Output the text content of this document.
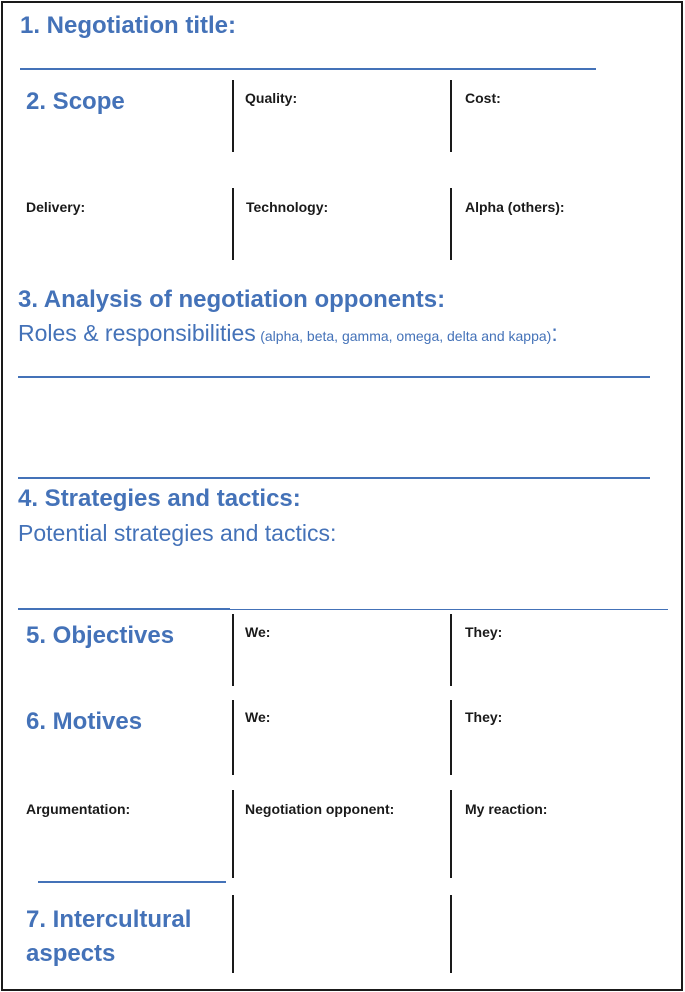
1. Negotiation title:
2. Scope	Quality:	Cost:
Delivery:	Technology:	Alpha (others):
3. Analysis of negotiation opponents:
Roles & responsibilities (alpha, beta, gamma, omega, delta and kappa):
4. Strategies and tactics:
Potential strategies and tactics:
5. Objectives	We:	They:
6. Motives	We:	They:
Argumentation:	Negotiation opponent:	My reaction:
7. Intercultural
aspects
